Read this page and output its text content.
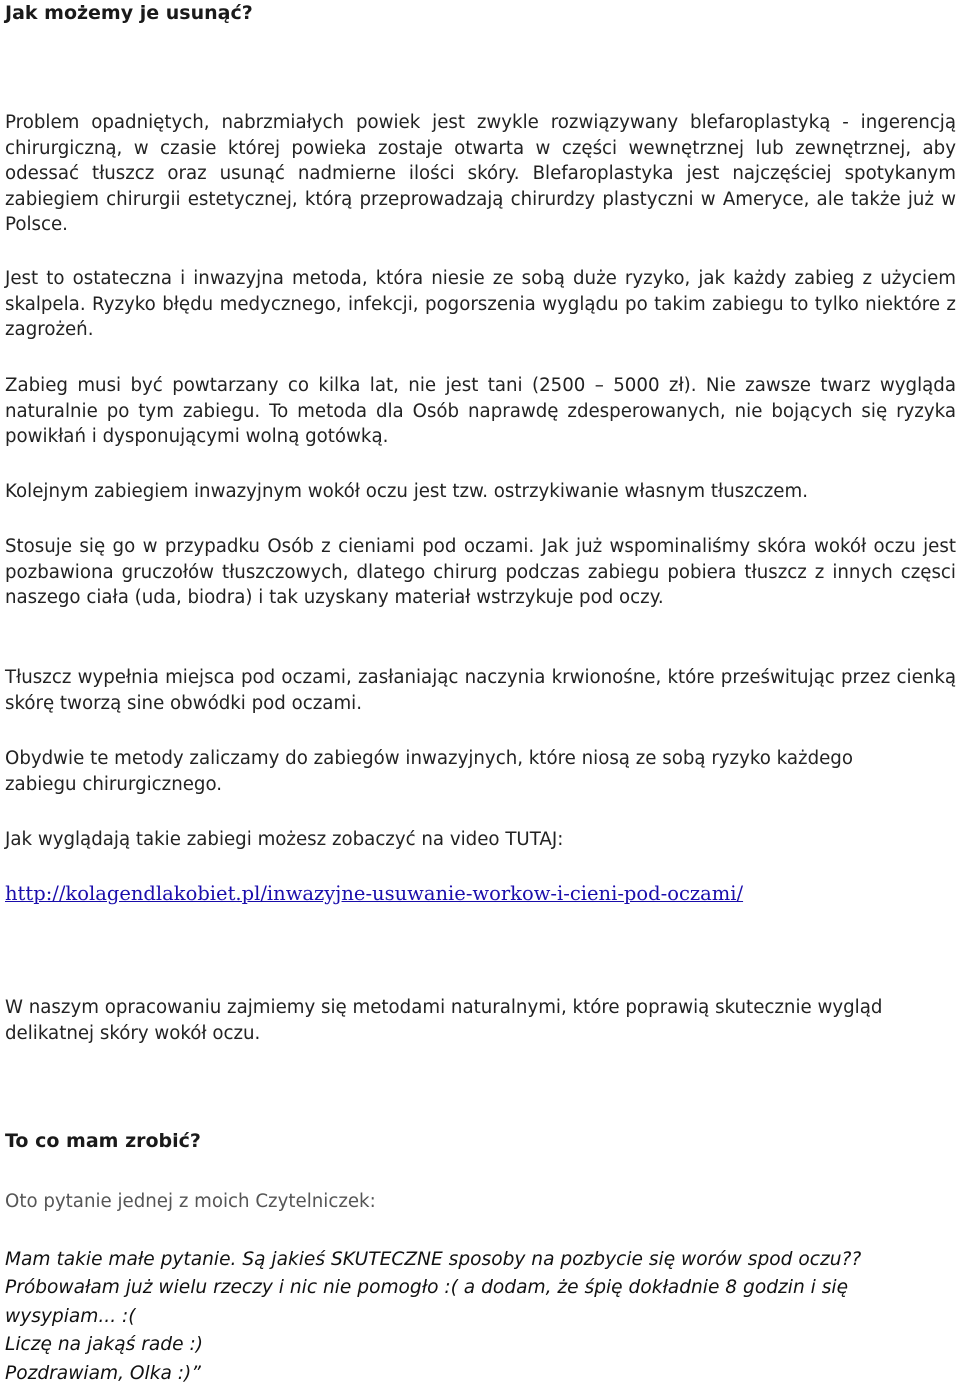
Jak możemy je usunąć?

Problem opadniętych, nabrzmiałych powiek jest zwykle rozwiązywany blefaroplastyką - ingerencją chirurgiczną, w czasie której powieka zostaje otwarta w części wewnętrznej lub zewnętrznej, aby odessać tłuszcz oraz usunąć nadmierne ilości skóry. Blefaroplastyka jest najczęściej spotykanym zabiegiem chirurgii estetycznej, którą przeprowadzają chirurdzy plastyczni w Ameryce, ale także już w Polsce.

Jest to ostateczna i inwazyjna metoda, która niesie ze sobą duże ryzyko, jak każdy zabieg z użyciem skalpela. Ryzyko błędu medycznego, infekcji, pogorszenia wyglądu po takim zabiegu to tylko niektóre z zagrożeń.

Zabieg musi być powtarzany co kilka lat, nie jest tani (2500 – 5000 zł). Nie zawsze twarz wygląda naturalnie po tym zabiegu. To metoda dla Osób naprawdę zdesperowanych, nie bojących się ryzyka powikłań i dysponującymi wolną gotówką.

Kolejnym zabiegiem inwazyjnym wokół oczu jest tzw. ostrzykiwanie własnym tłuszczem.

Stosuje się go w przypadku Osób z cieniami pod oczami. Jak już wspominaliśmy skóra wokół oczu jest pozbawiona gruczołów tłuszczowych, dlatego chirurg podczas zabiegu pobiera tłuszcz z innych częsci naszego ciała (uda, biodra) i tak uzyskany materiał wstrzykuje pod oczy.

Tłuszcz wypełnia miejsca pod oczami, zasłaniając naczynia krwionośne, które prześwitując przez cienką skórę tworzą sine obwódki pod oczami.

Obydwie te metody zaliczamy do zabiegów inwazyjnych, które niosą ze sobą ryzyko każdego zabiegu chirurgicznego.

Jak wyglądają takie zabiegi możesz zobaczyć na video TUTAJ:

http://kolagendlakobiet.pl/inwazyjne-usuwanie-workow-i-cieni-pod-oczami/

W naszym opracowaniu zajmiemy się metodami naturalnymi, które poprawią skutecznie wygląd delikatnej skóry wokół oczu.

To co mam zrobić?

Oto pytanie jednej z moich Czytelniczek:

Mam takie małe pytanie. Są jakieś SKUTECZNE sposoby na pozbycie się worów spod oczu?? Próbowałam już wielu rzeczy i nic nie pomogło :( a dodam, że śpię dokładnie 8 godzin i się wysypiam... :(
Liczę na jakąś rade :)
Pozdrawiam, Olka :)”
